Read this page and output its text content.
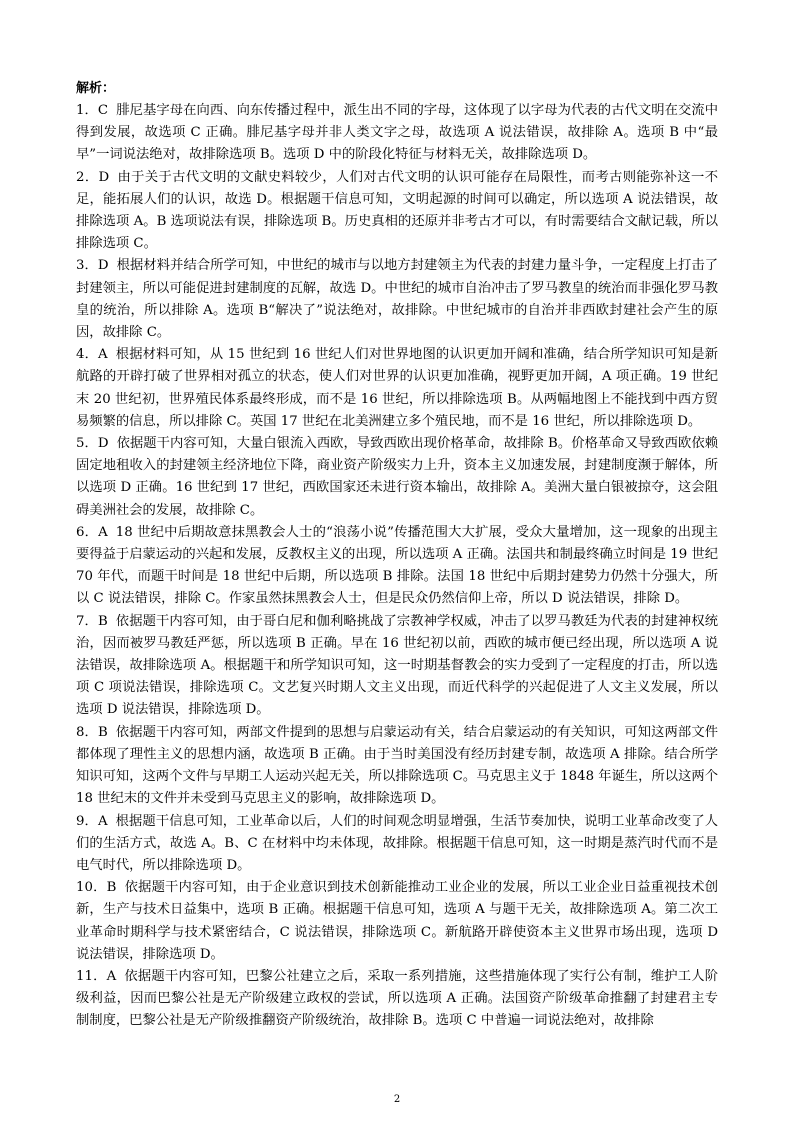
解析：

1．C 腓尼基字母在向西、向东传播过程中，派生出不同的字母，这体现了以字母为代表的古代文明在交流中得到发展，故选项 C 正确。腓尼基字母并非人类文字之母，故选项 A 说法错误，故排除 A。选项 B 中“最早”一词说法绝对，故排除选项 B。选项 D 中的阶段化特征与材料无关，故排除选项 D。

2．D 由于关于古代文明的文献史料较少，人们对古代文明的认识可能存在局限性，而考古则能弥补这一不足，能拓展人们的认识，故选 D。根据题干信息可知，文明起源的时间可以确定，所以选项 A 说法错误，故排除选项 A。B 选项说法有误，排除选项 B。历史真相的还原并非考古才可以，有时需要结合文献记载，所以排除选项 C。

3．D 根据材料并结合所学可知，中世纪的城市与以地方封建领主为代表的封建力量斗争，一定程度上打击了封建领主，所以可能促进封建制度的瓦解，故选 D。中世纪的城市自治冲击了罗马教皇的统治而非强化罗马教皇的统治，所以排除 A。选项 B“解决了”说法绝对，故排除。中世纪城市的自治并非西欧封建社会产生的原因，故排除 C。

4．A 根据材料可知，从 15 世纪到 16 世纪人们对世界地图的认识更加开阔和准确，结合所学知识可知是新航路的开辟打破了世界相对孤立的状态，使人们对世界的认识更加准确，视野更加开阔，A 项正确。19 世纪末 20 世纪初，世界殖民体系最终形成，而不是 16 世纪，所以排除选项 B。从两幅地图上不能找到中西方贸易频繁的信息，所以排除 C。英国 17 世纪在北美洲建立多个殖民地，而不是 16 世纪，所以排除选项 D。

5．D 依据题干内容可知，大量白银流入西欧，导致西欧出现价格革命，故排除 B。价格革命又导致西欧依赖固定地租收入的封建领主经济地位下降，商业资产阶级实力上升，资本主义加速发展，封建制度濒于解体，所以选项 D 正确。16 世纪到 17 世纪，西欧国家还未进行资本输出，故排除 A。美洲大量白银被掠夺，这会阻碍美洲社会的发展，故排除 C。

6．A 18 世纪中后期故意抹黑教会人士的“浪荡小说”传播范围大大扩展，受众大量增加，这一现象的出现主要得益于启蒙运动的兴起和发展，反教权主义的出现，所以选项 A 正确。法国共和制最终确立时间是 19 世纪 70 年代，而题干时间是 18 世纪中后期，所以选项 B 排除。法国 18 世纪中后期封建势力仍然十分强大，所以 C 说法错误，排除 C。作家虽然抹黑教会人士，但是民众仍然信仰上帝，所以 D 说法错误，排除 D。

7．B 依据题干内容可知，由于哥白尼和伽利略挑战了宗教神学权威，冲击了以罗马教廷为代表的封建神权统治，因而被罗马教廷严惩，所以选项 B 正确。早在 16 世纪初以前，西欧的城市便已经出现，所以选项 A 说法错误，故排除选项 A。根据题干和所学知识可知，这一时期基督教会的实力受到了一定程度的打击，所以选项 C 项说法错误，排除选项 C。文艺复兴时期人文主义出现，而近代科学的兴起促进了人文主义发展，所以选项 D 说法错误，排除选项 D。

8．B 依据题干内容可知，两部文件提到的思想与启蒙运动有关，结合启蒙运动的有关知识，可知这两部文件都体现了理性主义的思想内涵，故选项 B 正确。由于当时美国没有经历封建专制，故选项 A 排除。结合所学知识可知，这两个文件与早期工人运动兴起无关，所以排除选项 C。马克思主义于 1848 年诞生，所以这两个 18 世纪末的文件并未受到马克思主义的影响，故排除选项 D。

9．A 根据题干信息可知，工业革命以后，人们的时间观念明显增强，生活节奏加快，说明工业革命改变了人们的生活方式，故选 A。B、C 在材料中均未体现，故排除。根据题干信息可知，这一时期是蒸汽时代而不是电气时代，所以排除选项 D。

10．B 依据题干内容可知，由于企业意识到技术创新能推动工业企业的发展，所以工业企业日益重视技术创新，生产与技术日益集中，选项 B 正确。根据题干信息可知，选项 A 与题干无关，故排除选项 A。第二次工业革命时期科学与技术紧密结合，C 说法错误，排除选项 C。新航路开辟使资本主义世界市场出现，选项 D 说法错误，排除选项 D。

11．A 依据题干内容可知，巴黎公社建立之后，采取一系列措施，这些措施体现了实行公有制，维护工人阶级利益，因而巴黎公社是无产阶级建立政权的尝试，所以选项 A 正确。法国资产阶级革命推翻了封建君主专制制度，巴黎公社是无产阶级推翻资产阶级统治，故排除 B。选项 C 中普遍一词说法绝对，故排除

2
